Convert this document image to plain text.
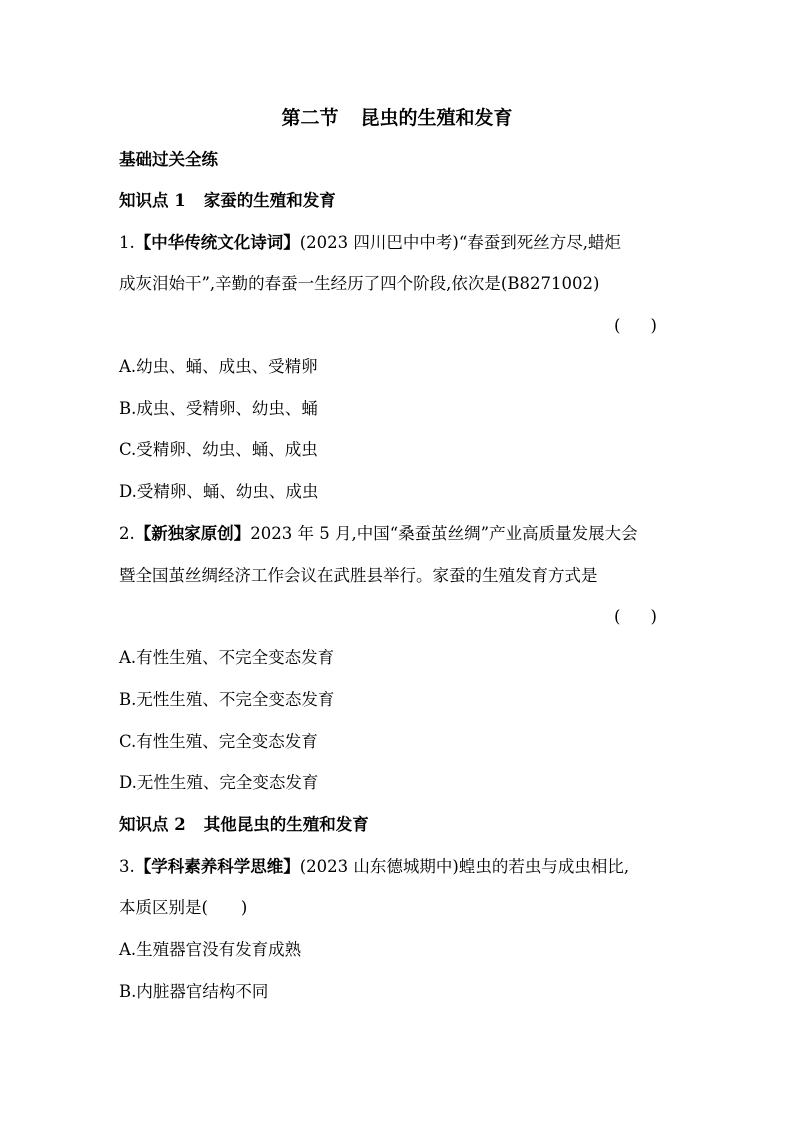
第二节 昆虫的生殖和发育
基础过关全练
知识点 1 家蚕的生殖和发育
1.【中华传统文化诗词】(2023 四川巴中中考)“春蚕到死丝方尽,蜡炬
成灰泪始干”,辛勤的春蚕一生经历了四个阶段,依次是(B8271002)
( )
A.幼虫、蛹、成虫、受精卵
B.成虫、受精卵、幼虫、蛹
C.受精卵、幼虫、蛹、成虫
D.受精卵、蛹、幼虫、成虫
2.【新独家原创】2023 年 5 月,中国“桑蚕茧丝绸”产业高质量发展大会
暨全国茧丝绸经济工作会议在武胜县举行。家蚕的生殖发育方式是
( )
A.有性生殖、不完全变态发育
B.无性生殖、不完全变态发育
C.有性生殖、完全变态发育
D.无性生殖、完全变态发育
知识点 2 其他昆虫的生殖和发育
3.【学科素养科学思维】(2023 山东德城期中)蝗虫的若虫与成虫相比,
本质区别是(　　)
A.生殖器官没有发育成熟
B.内脏器官结构不同
